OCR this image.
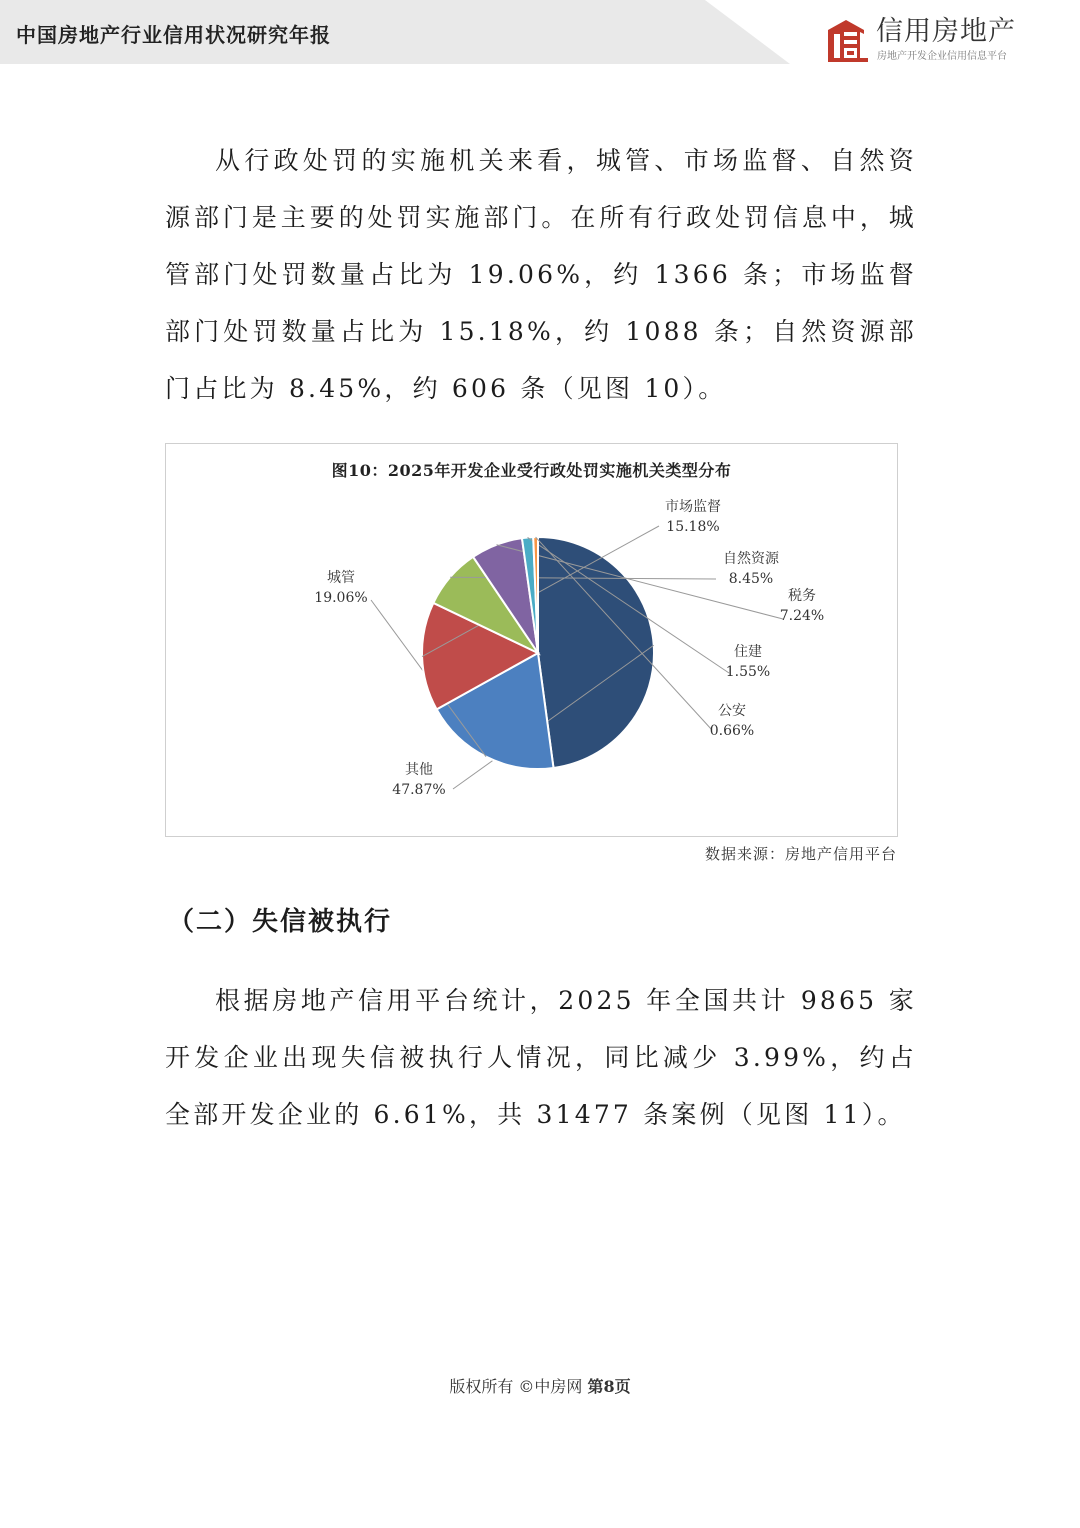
中国房地产行业信用状况研究年报	信用房地产
房地产开发企业信用信息平台

从行政处罚的实施机关来看，城管、市场监督、自然资源部门是主要的处罚实施部门。在所有行政处罚信息中，城管部门处罚数量占比为 19.06%，约 1366 条；市场监督部门处罚数量占比为 15.18%，约 1088 条；自然资源部门占比为 8.45%，约 606 条（见图 10）。

图10：2025年开发企业受行政处罚实施机关类型分布
其他
47.87%
城管
19.06%
市场监督
15.18%
自然资源
8.45%
税务
7.24%
住建
1.55%
公安
0.66%
数据来源：房地产信用平台
（二）失信被执行

根据房地产信用平台统计，2025 年全国共计 9865 家开发企业出现失信被执行人情况，同比减少 3.99%，约占全部开发企业的 6.61%，共 31477 条案例（见图 11）。

版权所有 ©中房网 第8页
